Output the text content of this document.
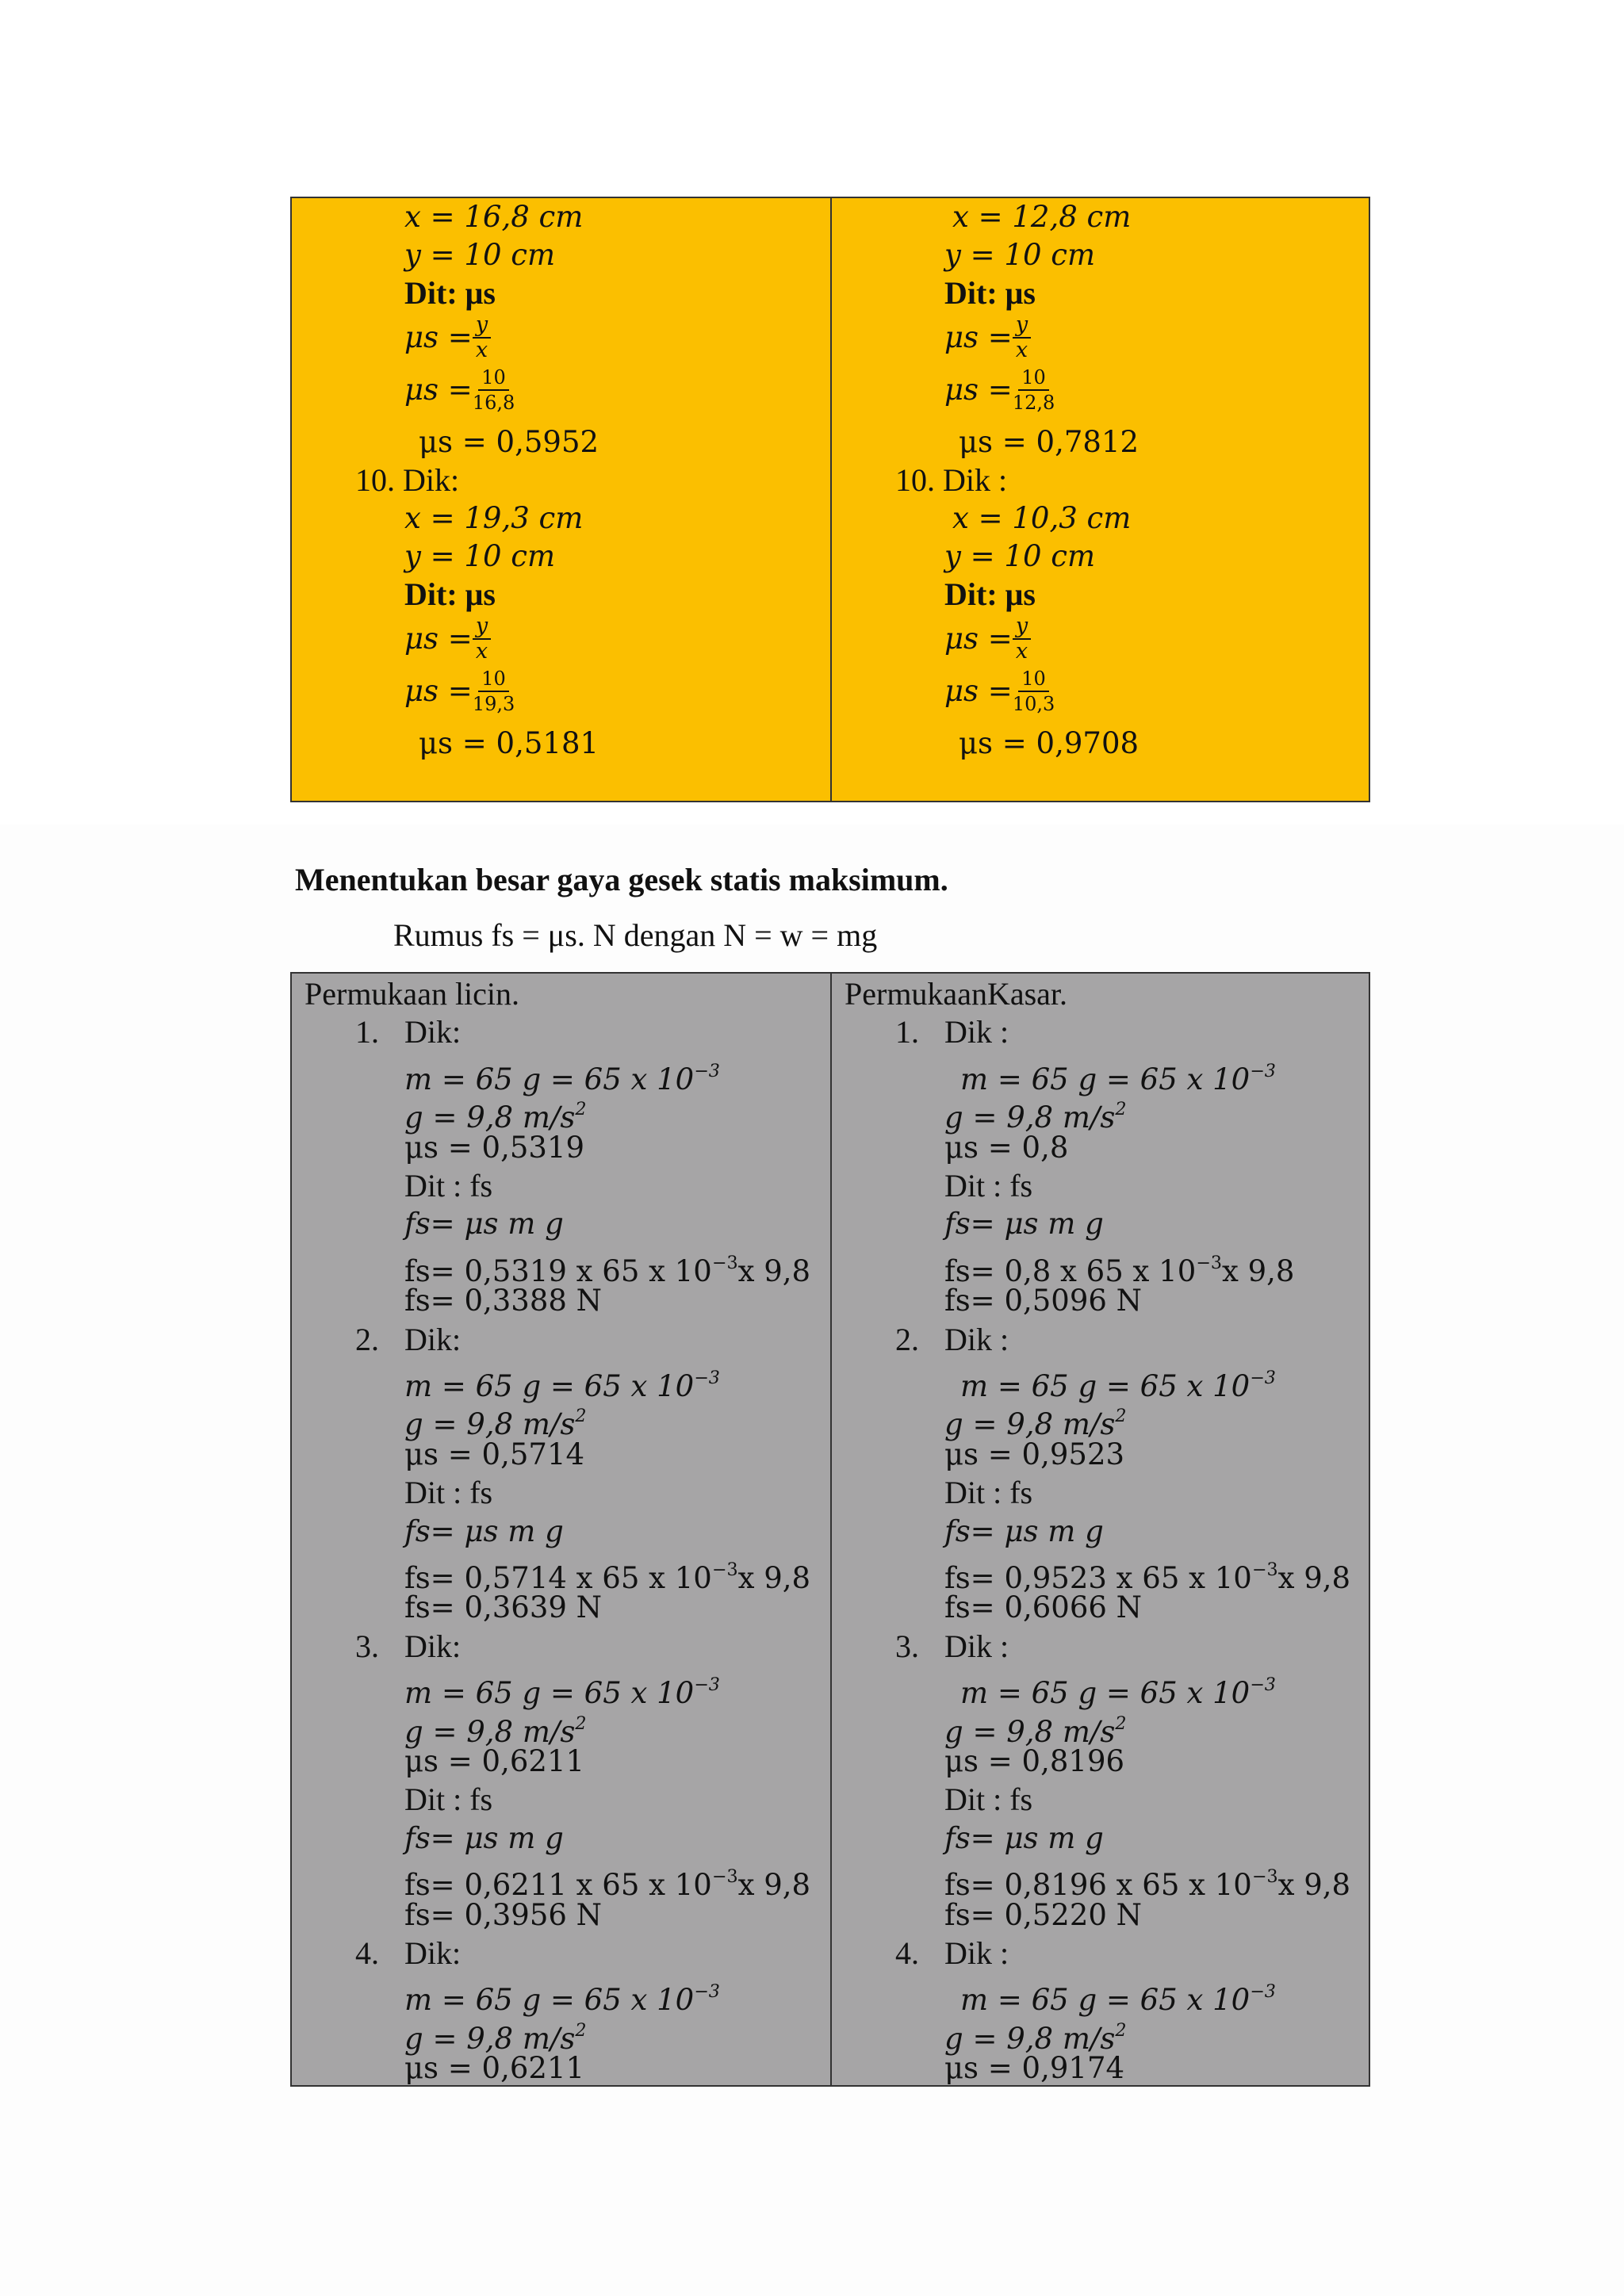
x = 16,8 cm
y = 10 cm
Dit: μs
$\mu s = \frac{y}{x}$
$\mu s = \frac{10}{16,8}$
μs = 0,5952
10. Dik:
x = 19,3 cm
y = 10 cm
Dit: μs
$\mu s = \frac{y}{x}$
$\mu s = \frac{10}{19,3}$
μs = 0,5181
x = 12,8 cm
y = 10 cm
Dit: μs
$\mu s = \frac{y}{x}$
$\mu s = \frac{10}{12,8}$
μs = 0,7812
10. Dik :
x = 10,3 cm
y = 10 cm
Dit: μs
$\mu s = \frac{y}{x}$
$\mu s = \frac{10}{10,3}$
μs = 0,9708
Menentukan besar gaya gesek statis maksimum.
Rumus fs = μs. N dengan N = w = mg
Permukaan licin.
1. Dik:
m = 65 g = 65 x $10^{-3}$
g = 9,8 $m/s^2$
μs = 0,5319
Dit : fs
fs= μs m g
fs= 0,5319 x 65 x $10^{-3}x$ 9,8
fs= 0,3388 N
2. Dik:
m = 65 g = 65 x $10^{-3}$
g = 9,8 $m/s^2$
μs = 0,5714
Dit : fs
fs= μs m g
fs= 0,5714 x 65 x $10^{-3}x$ 9,8
fs= 0,3639 N
3. Dik:
m = 65 g = 65 x $10^{-3}$
g = 9,8 $m/s^2$
μs = 0,6211
Dit : fs
fs= μs m g
fs= 0,6211 x 65 x $10^{-3}x$ 9,8
fs= 0,3956 N
4. Dik:
m = 65 g = 65 x $10^{-3}$
g = 9,8 $m/s^2$
μs = 0,6211
PermukaanKasar.
1. Dik :
m = 65 g = 65 x $10^{-3}$
g = 9,8 $m/s^2$
μs = 0,8
Dit : fs
fs= μs m g
fs= 0,8 x 65 x $10^{-3}x$ 9,8
fs= 0,5096 N
2. Dik :
m = 65 g = 65 x $10^{-3}$
g = 9,8 $m/s^2$
μs = 0,9523
Dit : fs
fs= μs m g
fs= 0,9523 x 65 x $10^{-3}x$ 9,8
fs= 0,6066 N
3. Dik :
m = 65 g = 65 x $10^{-3}$
g = 9,8 $m/s^2$
μs = 0,8196
Dit : fs
fs= μs m g
fs= 0,8196 x 65 x $10^{-3}x$ 9,8
fs= 0,5220 N
4. Dik :
m = 65 g = 65 x $10^{-3}$
g = 9,8 $m/s^2$
μs = 0,9174
